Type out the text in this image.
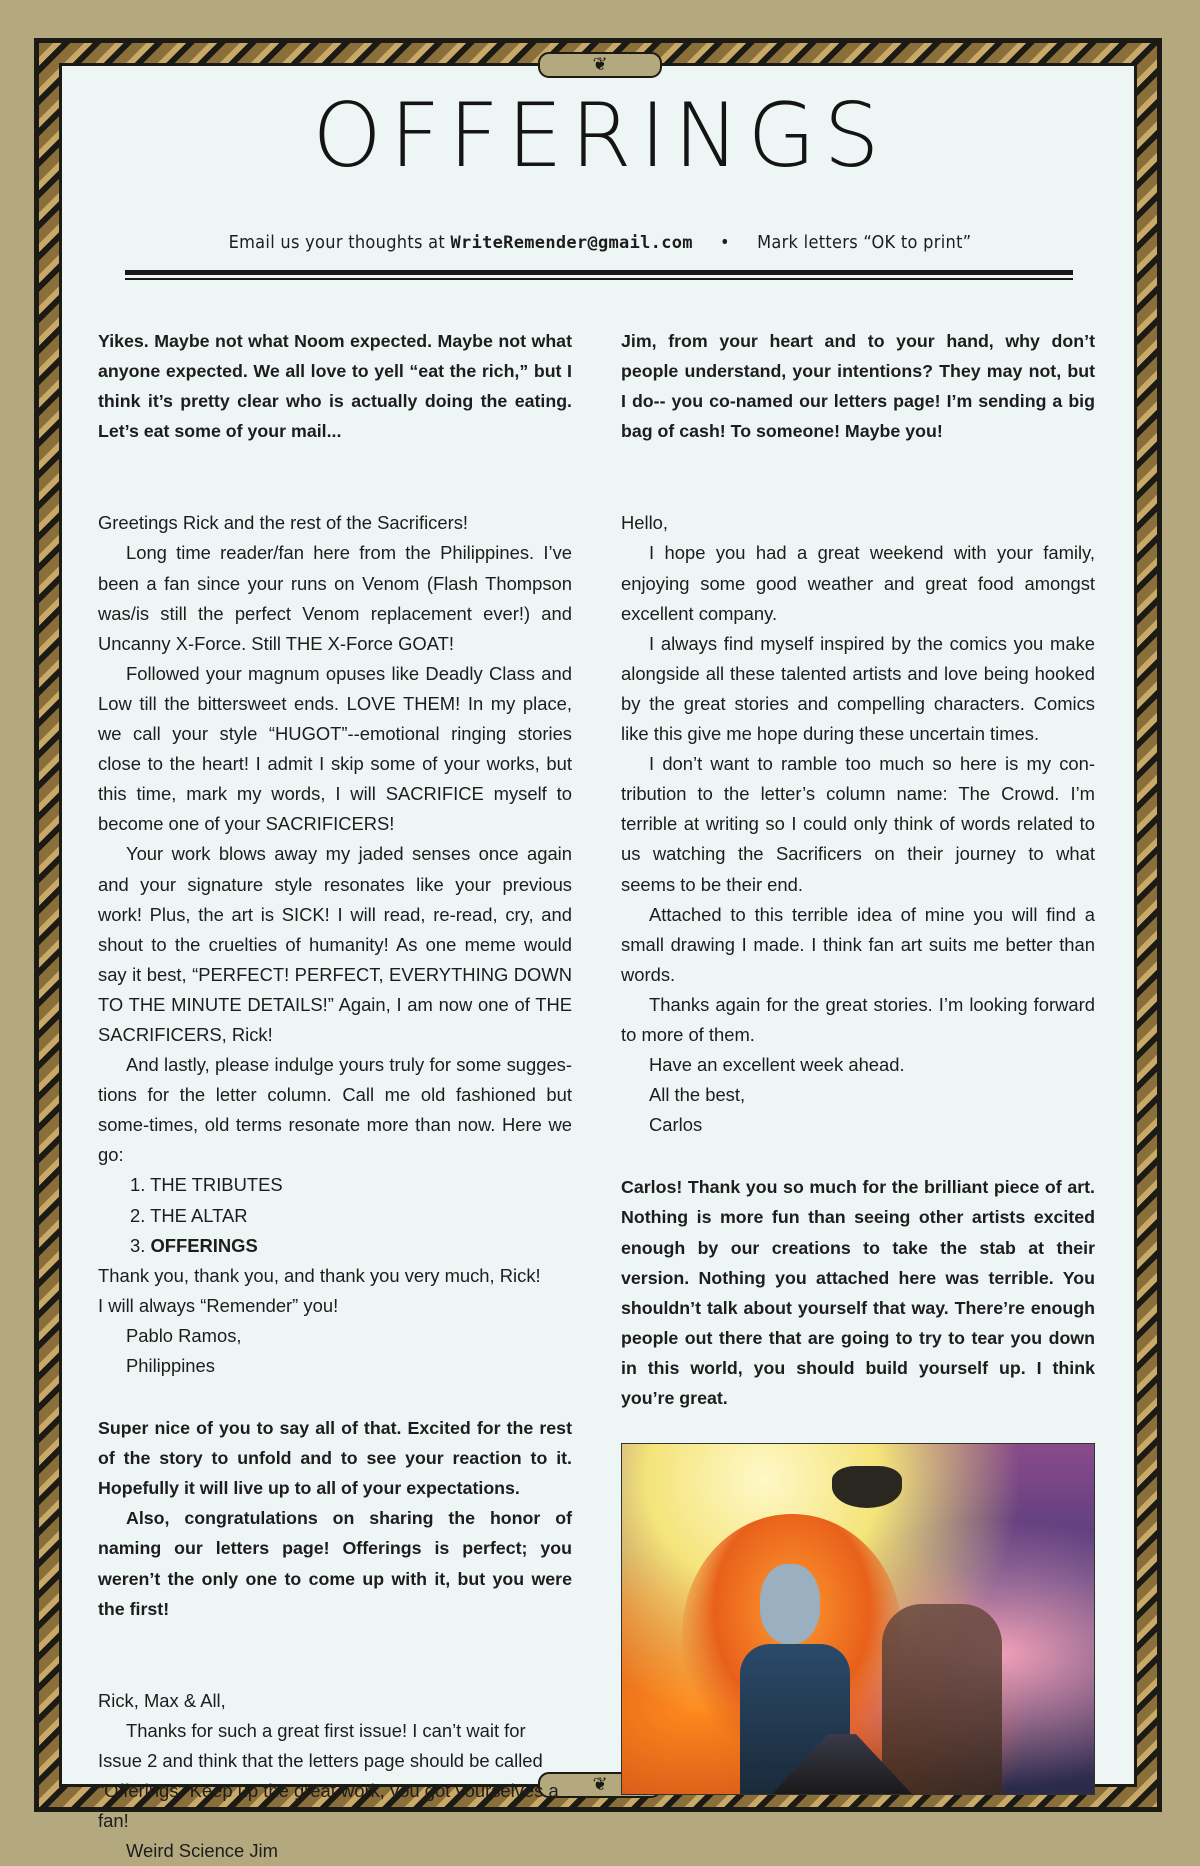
❦
❦
OFFERINGS
Email us your thoughts at WriteRemender@gmail.com • Mark letters “OK to print”

Yikes. Maybe not what Noom expected. Maybe not what anyone expected. We all love to yell “eat the rich,” but I think it’s pretty clear who is actually doing the eating. Let’s eat some of your mail...

Greetings Rick and the rest of the Sacrificers!

Long time reader/fan here from the Philippines. I’ve been a fan since your runs on Venom (Flash Thompson was/is still the perfect Venom replacement ever!) and Uncanny X-Force. Still THE X-Force GOAT!

Followed your magnum opuses like Deadly Class and Low till the bittersweet ends. LOVE THEM! In my place, we call your style “HUGOT”--emotional ringing stories close to the heart! I admit I skip some of your works, but this time, mark my words, I will SACRIFICE myself to become one of your SACRIFICERS!

Your work blows away my jaded senses once again and your signature style resonates like your previous work! Plus, the art is SICK! I will read, re-read, cry, and shout to the cruelties of humanity! As one meme would say it best, “PERFECT! PERFECT, EVERYTHING DOWN TO THE MINUTE DETAILS!” Again, I am now one of THE SACRIFICERS, Rick!

And lastly, please indulge yours truly for some sugges-tions for the letter column. Call me old fashioned but some-times, old terms resonate more than now. Here we go:

1. THE TRIBUTES

2. THE ALTAR

3. OFFERINGS

Thank you, thank you, and thank you very much, Rick!

I will always “Remender” you!

Pablo Ramos,

Philippines

Super nice of you to say all of that. Excited for the rest of the story to unfold and to see your reaction to it. Hopefully it will live up to all of your expectations.

Also, congratulations on sharing the honor of naming our letters page! Offerings is perfect; you weren’t the only one to come up with it, but you were the first!

Rick, Max & All,

Thanks for such a great first issue! I can’t wait for Issue 2 and think that the letters page should be called “Offerings” Keep up the great work, you got yourselves a fan!

Weird Science Jim

Jim, from your heart and to your hand, why don’t people understand, your intentions? They may not, but I do-- you co-named our letters page! I’m sending a big bag of cash! To someone! Maybe you!

Hello,

I hope you had a great weekend with your family, enjoying some good weather and great food amongst excellent company.

I always find myself inspired by the comics you make alongside all these talented artists and love being hooked by the great stories and compelling characters. Comics like this give me hope during these uncertain times.

I don’t want to ramble too much so here is my con-tribution to the letter’s column name: The Crowd. I’m terrible at writing so I could only think of words related to us watching the Sacrificers on their journey to what seems to be their end.

Attached to this terrible idea of mine you will find a small drawing I made. I think fan art suits me better than words.

Thanks again for the great stories. I’m looking forward to more of them.

Have an excellent week ahead.

All the best,

Carlos

Carlos! Thank you so much for the brilliant piece of art. Nothing is more fun than seeing other artists excited enough by our creations to take the stab at their version. Nothing you attached here was terrible. You shouldn’t talk about yourself that way. There’re enough people out there that are going to try to tear you down in this world, you should build yourself up. I think you’re great.
